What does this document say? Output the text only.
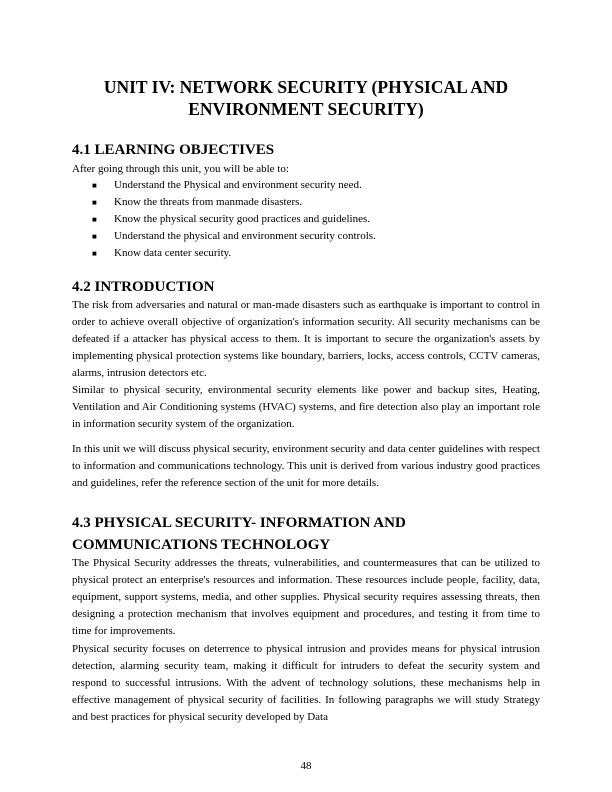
UNIT IV: NETWORK SECURITY (PHYSICAL AND
ENVIRONMENT SECURITY)
4.1 LEARNING OBJECTIVES

After going through this unit, you will be able to:

■ Understand the Physical and environment security need.
■ Know the threats from manmade disasters.
■ Know the physical security good practices and guidelines.
■ Understand the physical and environment security controls.
■ Know data center security.
4.2 INTRODUCTION

The risk from adversaries and natural or man-made disasters such as earthquake is important to control in order to achieve overall objective of organization's information security. All security mechanisms can be defeated if a attacker has physical access to them. It is important to secure the organization's assets by implementing physical protection systems like boundary, barriers, locks, access controls, CCTV cameras, alarms, intrusion detectors etc.

Similar to physical security, environmental security elements like power and backup sites, Heating, Ventilation and Air Conditioning systems (HVAC) systems, and fire detection also play an important role in information security system of the organization.

In this unit we will discuss physical security, environment security and data center guidelines with respect to information and communications technology. This unit is derived from various industry good practices and guidelines, refer the reference section of the unit for more details.

4.3 PHYSICAL SECURITY- INFORMATION AND
COMMUNICATIONS TECHNOLOGY

The Physical Security addresses the threats, vulnerabilities, and countermeasures that can be utilized to physical protect an enterprise's resources and information. These resources include people, facility, data, equipment, support systems, media, and other supplies. Physical security requires assessing threats, then designing a protection mechanism that involves equipment and procedures, and testing it from time to time for improvements.

Physical security focuses on deterrence to physical intrusion and provides means for physical intrusion detection, alarming security team, making it difficult for intruders to defeat the security system and respond to successful intrusions. With the advent of technology solutions, these mechanisms help in effective management of physical security of facilities. In following paragraphs we will study Strategy and best practices for physical security developed by Data

48
